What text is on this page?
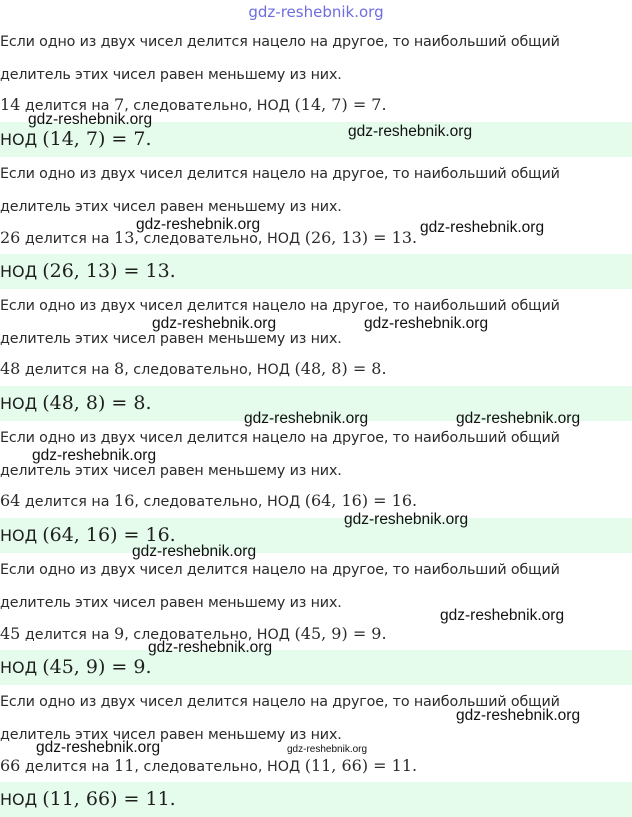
gdz-reshebnik.org

Если одно из двух чисел делится нацело на другое, то наибольший общий

делитель этих чисел равен меньшему из них.

14 делится на 7, следовательно, НОД (14, 7) = 7.

НОД (14, 7) = 7.

Если одно из двух чисел делится нацело на другое, то наибольший общий

делитель этих чисел равен меньшему из них.

26 делится на 13, следовательно, НОД (26, 13) = 13.

НОД (26, 13) = 13.

Если одно из двух чисел делится нацело на другое, то наибольший общий

делитель этих чисел равен меньшему из них.

48 делится на 8, следовательно, НОД (48, 8) = 8.

НОД (48, 8) = 8.

Если одно из двух чисел делится нацело на другое, то наибольший общий

делитель этих чисел равен меньшему из них.

64 делится на 16, следовательно, НОД (64, 16) = 16.

НОД (64, 16) = 16.

Если одно из двух чисел делится нацело на другое, то наибольший общий

делитель этих чисел равен меньшему из них.

45 делится на 9, следовательно, НОД (45, 9) = 9.

НОД (45, 9) = 9.

Если одно из двух чисел делится нацело на другое, то наибольший общий

делитель этих чисел равен меньшему из них.

66 делится на 11, следовательно, НОД (11, 66) = 11.

НОД (11, 66) = 11.

gdz-reshebnik.org
gdz-reshebnik.org
gdz-reshebnik.org	gdz-reshebnik.org
gdz-reshebnik.org	gdz-reshebnik.org
gdz-reshebnik.org	gdz-reshebnik.org
gdz-reshebnik.org
gdz-reshebnik.org
gdz-reshebnik.org
gdz-reshebnik.org
gdz-reshebnik.org
gdz-reshebnik.org
gdz-reshebnik.org	gdz-reshebnik.org
